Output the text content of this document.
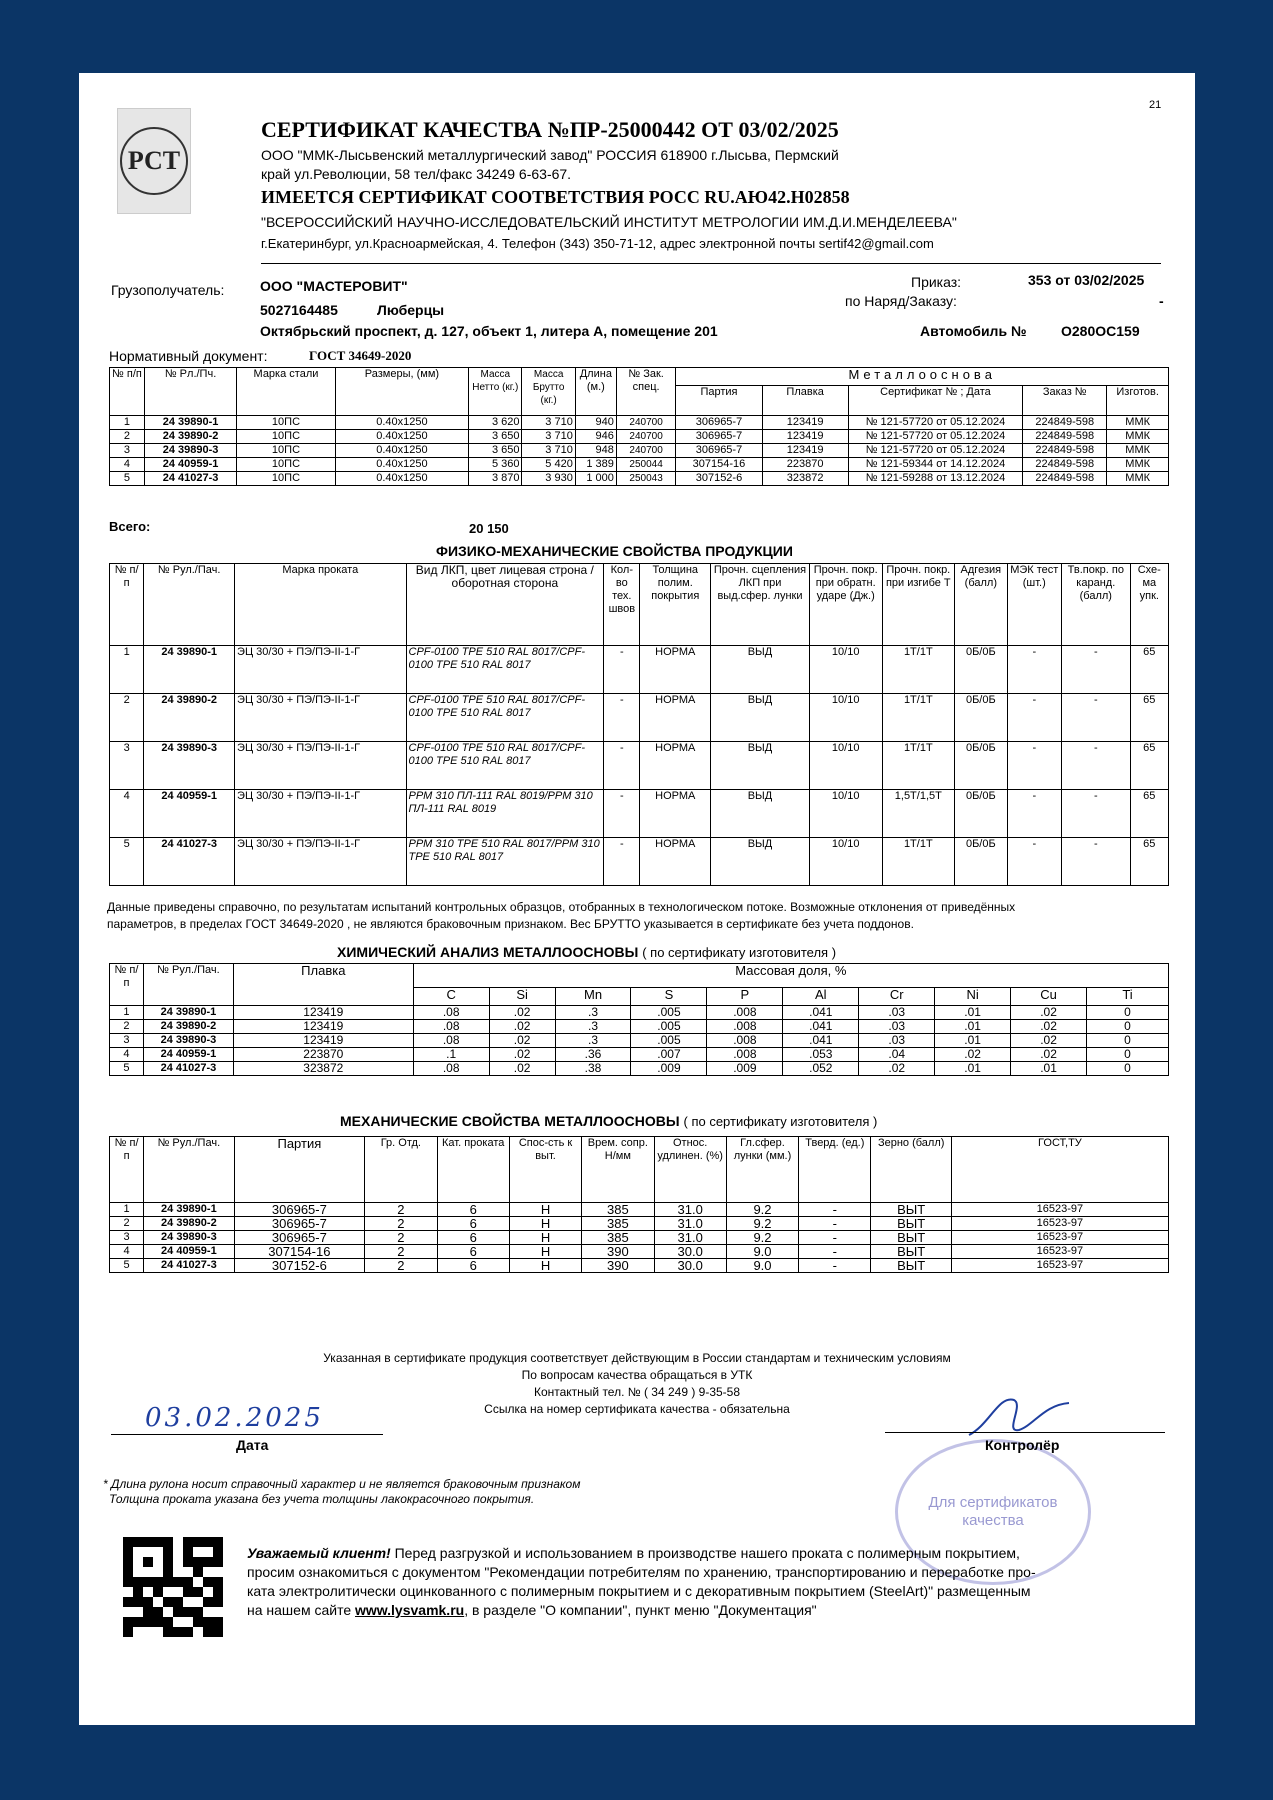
21
РСТ
СЕРТИФИКАТ КАЧЕСТВА №ПР-25000442 ОТ 03/02/2025
ООО "ММК-Лысьвенский металлургический завод" РОССИЯ 618900 г.Лысьва, Пермский
край ул.Революции, 58 тел/факс 34249 6-63-67.
ИМЕЕТСЯ СЕРТИФИКАТ СООТВЕТСТВИЯ РОСС RU.АЮ42.Н02858
"ВСЕРОССИЙСКИЙ НАУЧНО-ИССЛЕДОВАТЕЛЬСКИЙ ИНСТИТУТ МЕТРОЛОГИИ ИМ.Д.И.МЕНДЕЛЕЕВА"
г.Екатеринбург, ул.Красноармейская, 4. Телефон (343) 350-71-12, адрес электронной почты sertif42@gmail.com
Грузополучатель:	ООО "МАСТЕРОВИТ"
5027164485	Люберцы
Октябрьский проспект, д. 127, объект 1, литера А, помещение 201
Приказ:	353 от 03/02/2025
по Наряд/Заказу:	-
Автомобиль № О280ОС159
Нормативный документ:	ГОСТ 34649-2020
№ п/п	№ Рл./Пч.	Марка стали	Размеры, (мм)	Масса Нетто (кг.)	Масса Брутто (кг.)	Длина (м.)	№ Зак. спец.	Металлооснова				
								Партия	Плавка	Сертификат № ; Дата	Заказ №	Изготов.
1	24 39890-1	10ПС	0.40x1250	3 620	3 710	940	240700	306965-7	123419	№ 121-57720 от 05.12.2024	224849-598	ММК
2	24 39890-2	10ПС	0.40x1250	3 650	3 710	946	240700	306965-7	123419	№ 121-57720 от 05.12.2024	224849-598	ММК
3	24 39890-3	10ПС	0.40x1250	3 650	3 710	948	240700	306965-7	123419	№ 121-57720 от 05.12.2024	224849-598	ММК
4	24 40959-1	10ПС	0.40x1250	5 360	5 420	1 389	250044	307154-16	223870	№ 121-59344 от 14.12.2024	224849-598	ММК
5	24 41027-3	10ПС	0.40x1250	3 870	3 930	1 000	250043	307152-6	323872	№ 121-59288 от 13.12.2024	224849-598	ММК
Всего:	20 150
ФИЗИКО-МЕХАНИЧЕСКИЕ СВОЙСТВА ПРОДУКЦИИ
№ п/п	№ Рул./Пач.	Марка проката	Вид ЛКП, цвет лицевая строна / оборотная сторона	Кол-во тех. швов	Толщина полим. покрытия	Прочн. сцепления ЛКП при выд.сфер. лунки	Прочн. покр. при обратн. ударе (Дж.)	Прочн. покр. при изгибе Т	Адгезия (балл)	МЭК тест (шт.)	Тв.покр. по каранд. (балл)	Схе-ма упк.
1	24 39890-1	ЭЦ 30/30 + ПЭ/ПЭ-II-1-Г	CPF-0100 TPE 510 RAL 8017/CPF-0100 TPE 510 RAL 8017	-	НОРМА	ВЫД	10/10	1Т/1Т	0Б/0Б	-	-	65
2	24 39890-2	ЭЦ 30/30 + ПЭ/ПЭ-II-1-Г	CPF-0100 TPE 510 RAL 8017/CPF-0100 TPE 510 RAL 8017	-	НОРМА	ВЫД	10/10	1Т/1Т	0Б/0Б	-	-	65
3	24 39890-3	ЭЦ 30/30 + ПЭ/ПЭ-II-1-Г	CPF-0100 TPE 510 RAL 8017/CPF-0100 TPE 510 RAL 8017	-	НОРМА	ВЫД	10/10	1Т/1Т	0Б/0Б	-	-	65
4	24 40959-1	ЭЦ 30/30 + ПЭ/ПЭ-II-1-Г	PPM 310 ПЛ-111 RAL 8019/PPM 310 ПЛ-111 RAL 8019	-	НОРМА	ВЫД	10/10	1,5Т/1,5Т	0Б/0Б	-	-	65
5	24 41027-3	ЭЦ 30/30 + ПЭ/ПЭ-II-1-Г	PPM 310 TPE 510 RAL 8017/PPM 310 TPE 510 RAL 8017	-	НОРМА	ВЫД	10/10	1Т/1Т	0Б/0Б	-	-	65
Данные приведены справочно, по результатам испытаний контрольных образцов, отобранных в технологическом потоке. Возможные отклонения от приведённых
параметров, в пределах ГОСТ 34649-2020 , не являются браковочным признаком. Вес БРУТТО указывается в сертификате без учета поддонов.
ХИМИЧЕСКИЙ АНАЛИЗ МЕТАЛЛООСНОВЫ ( по сертификату изготовителя )
№ п/п	№ Рул./Пач.	Плавка	Массовая доля, %									
			C	Si	Mn	S	P	Al	Cr	Ni	Cu	Ti
1	24 39890-1	123419	.08	.02	.3	.005	.008	.041	.03	.01	.02	0
2	24 39890-2	123419	.08	.02	.3	.005	.008	.041	.03	.01	.02	0
3	24 39890-3	123419	.08	.02	.3	.005	.008	.041	.03	.01	.02	0
4	24 40959-1	223870	.1	.02	.36	.007	.008	.053	.04	.02	.02	0
5	24 41027-3	323872	.08	.02	.38	.009	.009	.052	.02	.01	.01	0
МЕХАНИЧЕСКИЕ СВОЙСТВА МЕТАЛЛООСНОВЫ ( по сертификату изготовителя )
№ п/п	№ Рул./Пач.	Партия	Гр. Отд.	Кат. проката	Спос-сть к выт.	Врем. сопр. Н/мм	Относ. удлинен. (%)	Гл.сфер. лунки (мм.)	Тверд. (ед.)	Зерно (балл)	ГОСТ,ТУ
1	24 39890-1	306965-7	2	6	Н	385	31.0	9.2	-	ВЫТ	16523-97
2	24 39890-2	306965-7	2	6	Н	385	31.0	9.2	-	ВЫТ	16523-97
3	24 39890-3	306965-7	2	6	Н	385	31.0	9.2	-	ВЫТ	16523-97
4	24 40959-1	307154-16	2	6	Н	390	30.0	9.0	-	ВЫТ	16523-97
5	24 41027-3	307152-6	2	6	Н	390	30.0	9.0	-	ВЫТ	16523-97
Указанная в сертификате продукция соответствует действующим в России стандартам и техническим условиям
По вопросам качества обращаться в УТК
Контактный тел. № ( 34 249 ) 9-35-58
Ссылка на номер сертификата качества - обязательна
03.02.2025
Дата
Для сертификатов качества
Контролёр
* Длина рулона носит справочный характер и не является браковочным признаком
Толщина проката указана без учета толщины лакокрасочного покрытия.
Уважаемый клиент! Перед разгрузкой и использованием в производстве нашего проката с полимерным покрытием,
просим ознакомиться с документом "Рекомендации потребителям по хранению, транспортированию и переработке про-
ката электролитически оцинкованного с полимерным покрытием и с декоративным покрытием (SteelArt)" размещенным
на нашем сайте www.lysvamk.ru, в разделе "О компании", пункт меню "Документация"
